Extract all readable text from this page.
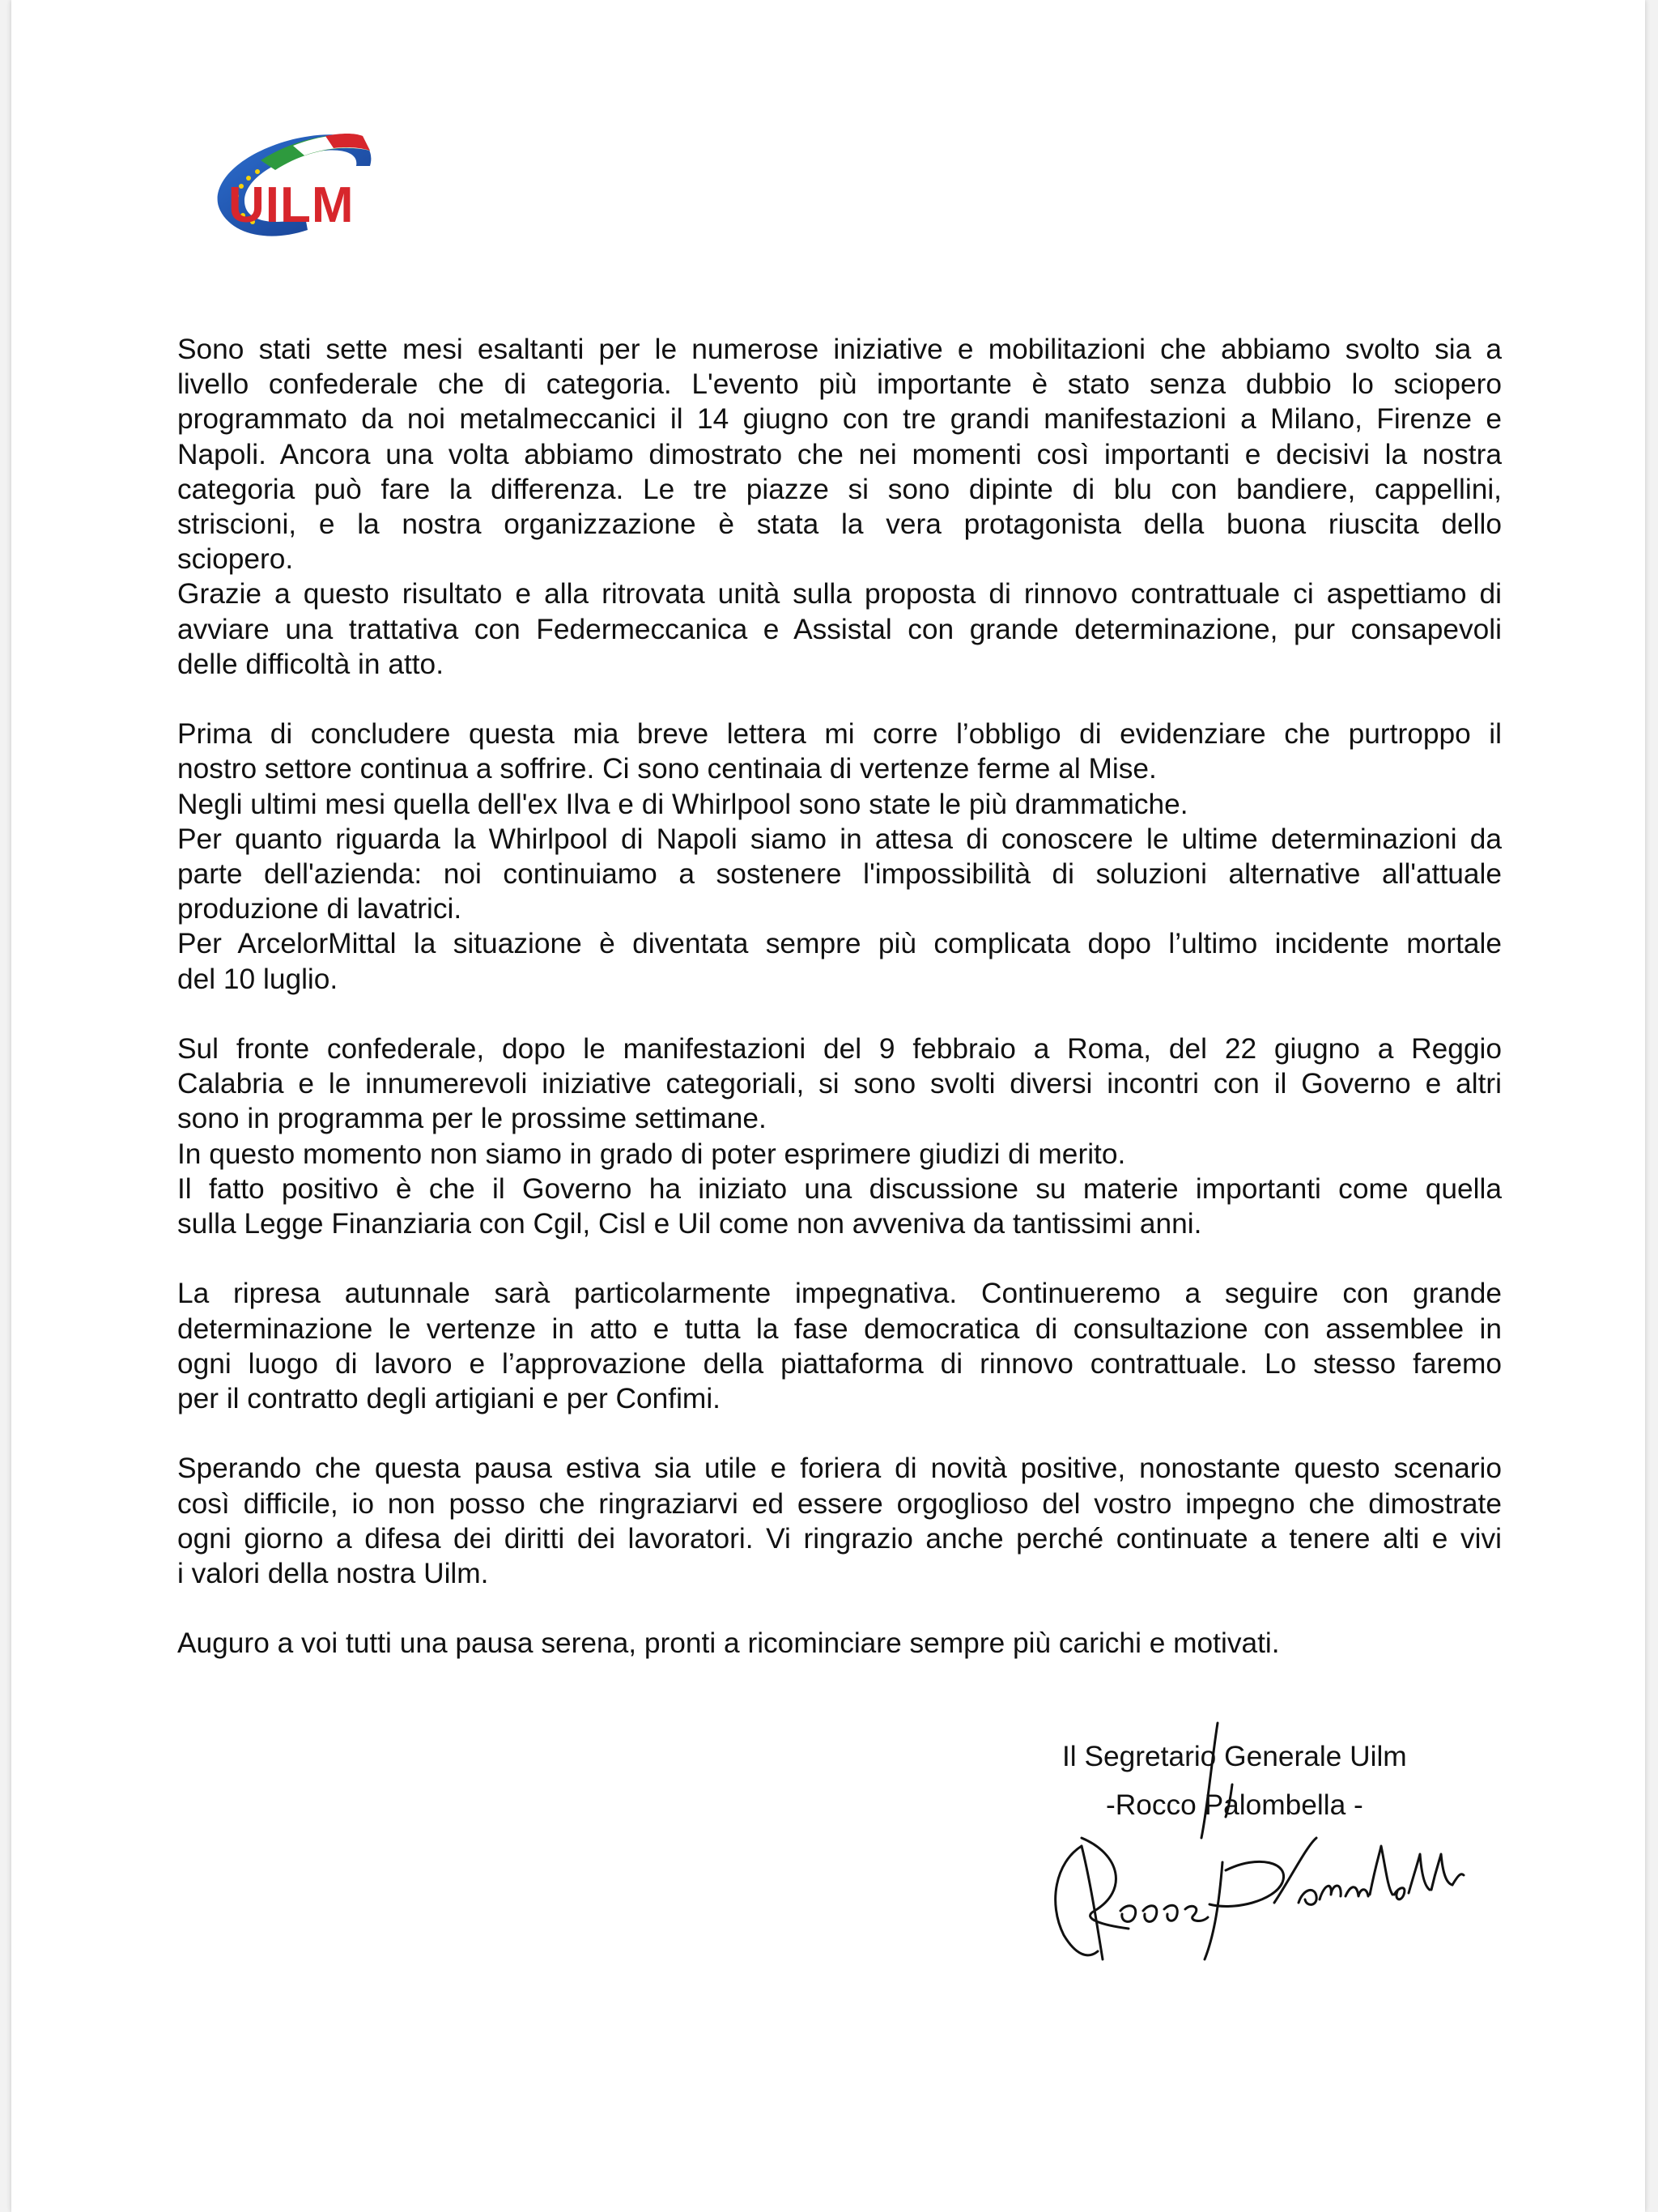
UILM
Sono stati sette mesi esaltanti per le numerose iniziative e mobilitazioni che abbiamo svolto sia a
livello confederale che di categoria. L'evento più importante è stato senza dubbio lo sciopero
programmato da noi metalmeccanici il 14 giugno con tre grandi manifestazioni a Milano, Firenze e
Napoli. Ancora una volta abbiamo dimostrato che nei momenti così importanti e decisivi la nostra
categoria può fare la differenza. Le tre piazze si sono dipinte di blu con bandiere, cappellini,
striscioni, e la nostra organizzazione è stata la vera protagonista della buona riuscita dello
sciopero.
Grazie a questo risultato e alla ritrovata unità sulla proposta di rinnovo contrattuale ci aspettiamo di
avviare una trattativa con Federmeccanica e Assistal con grande determinazione, pur consapevoli
delle difficoltà in atto.
Prima di concludere questa mia breve lettera mi corre l’obbligo di evidenziare che purtroppo il
nostro settore continua a soffrire. Ci sono centinaia di vertenze ferme al Mise.
Negli ultimi mesi quella dell'ex Ilva e di Whirlpool sono state le più drammatiche.
Per quanto riguarda la Whirlpool di Napoli siamo in attesa di conoscere le ultime determinazioni da
parte dell'azienda: noi continuiamo a sostenere l'impossibilità di soluzioni alternative all'attuale
produzione di lavatrici.
Per ArcelorMittal la situazione è diventata sempre più complicata dopo l’ultimo incidente mortale
del 10 luglio.
Sul fronte confederale, dopo le manifestazioni del 9 febbraio a Roma, del 22 giugno a Reggio
Calabria e le innumerevoli iniziative categoriali, si sono svolti diversi incontri con il Governo e altri
sono in programma per le prossime settimane.
In questo momento non siamo in grado di poter esprimere giudizi di merito.
Il fatto positivo è che il Governo ha iniziato una discussione su materie importanti come quella
sulla Legge Finanziaria con Cgil, Cisl e Uil come non avveniva da tantissimi anni.
La ripresa autunnale sarà particolarmente impegnativa. Continueremo a seguire con grande
determinazione le vertenze in atto e tutta la fase democratica di consultazione con assemblee in
ogni luogo di lavoro e l’approvazione della piattaforma di rinnovo contrattuale. Lo stesso faremo
per il contratto degli artigiani e per Confimi.
Sperando che questa pausa estiva sia utile e foriera di novità positive, nonostante questo scenario
così difficile, io non posso che ringraziarvi ed essere orgoglioso del vostro impegno che dimostrate
ogni giorno a difesa dei diritti dei lavoratori. Vi ringrazio anche perché continuate a tenere alti e vivi
i valori della nostra Uilm.
Auguro a voi tutti una pausa serena, pronti a ricominciare sempre più carichi e motivati.
Il Segretario Generale Uilm
-Rocco Palombella -
